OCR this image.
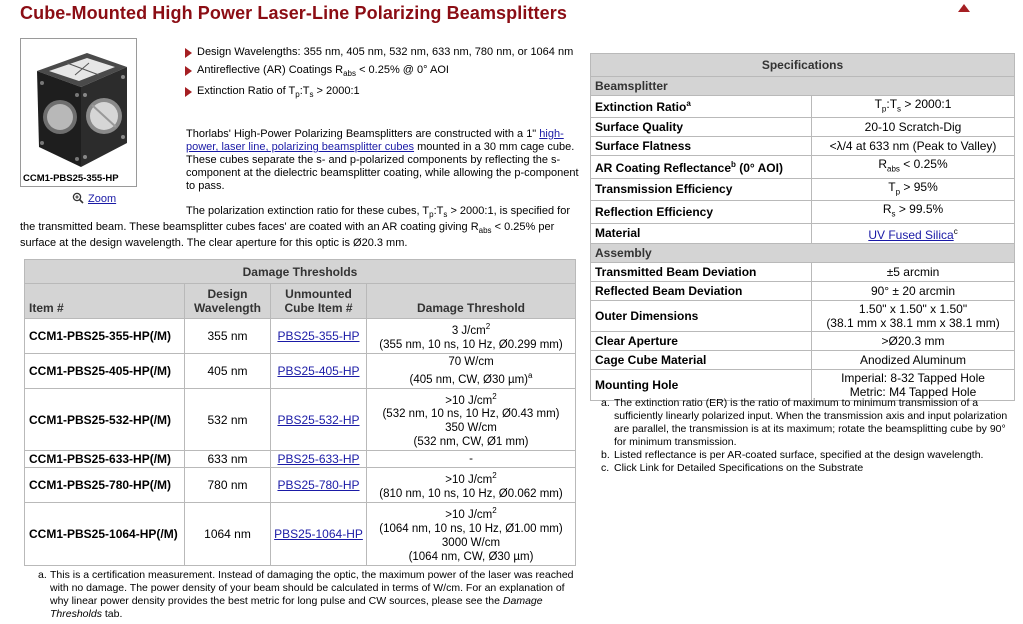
Cube-Mounted High Power Laser-Line Polarizing Beamsplitters
CCM1-PBS25-355-HP
Zoom
Design Wavelengths: 355 nm, 405 nm, 532 nm, 633 nm, 780 nm, or 1064 nm
Antireflective (AR) Coatings $R_{abs} < 0.25\%$ @ 0° AOI
Extinction Ratio of $T_p:T_s$ > 2000:1

Thorlabs' High-Power Polarizing Beamsplitters are constructed with a 1" high-power, laser line, polarizing beamsplitter cubes mounted in a 30 mm cage cube. These cubes separate the s- and p-polarized components by reflecting the s-component at the dielectric beamsplitter coating, while allowing the p-component to pass.

The polarization extinction ratio for these cubes, $T_p:T_s$ > 2000:1, is specified for the transmitted beam. These beamsplitter cubes faces' are coated with an AR coating giving $R_{abs} < 0.25\%$ per surface at the design wavelength. The clear aperture for this optic is Ø20.3 mm.

Damage Thresholds			
Item #	Design Wavelength	Unmounted Cube Item #	Damage Threshold
CCM1-PBS25-355-HP(/M)	355 nm	PBS25-355-HP	3 $J/cm^2$
(355 nm, 10 ns, 10 Hz, Ø0.299 mm)
CCM1-PBS25-405-HP(/M)	405 nm	PBS25-405-HP	70 W/cm
(405 nm, CW, Ø30 µm)$^a$
CCM1-PBS25-532-HP(/M)	532 nm	PBS25-532-HP	>10 $J/cm^2$
(532 nm, 10 ns, 10 Hz, Ø0.43 mm)
350 W/cm
(532 nm, CW, Ø1 mm)
CCM1-PBS25-633-HP(/M)	633 nm	PBS25-633-HP	-
CCM1-PBS25-780-HP(/M)	780 nm	PBS25-780-HP	>10 $J/cm^2$
(810 nm, 10 ns, 10 Hz, Ø0.062 mm)
CCM1-PBS25-1064-HP(/M)	1064 nm	PBS25-1064-HP	>10 $J/cm^2$
(1064 nm, 10 ns, 10 Hz, Ø1.00 mm)
3000 W/cm
(1064 nm, CW, Ø30 µm)
a. This is a certification measurement. Instead of damaging the optic, the maximum power of the laser was reached with no damage. The power density of your beam should be calculated in terms of W/cm. For an explanation of why linear power density provides the best metric for long pulse and CW sources, please see the Damage Thresholds tab.
Specifications	
Beamsplitter	
Extinction Ratio$^a$	$T_p:T_s$ > 2000:1
Surface Quality	20-10 Scratch-Dig
Surface Flatness	<λ/4 at 633 nm (Peak to Valley)
AR Coating Reflectance$^b$ (0° AOI)	$R_{abs} < 0.25\%$
Transmission Efficiency	$T_p > 95\%$
Reflection Efficiency	$R_s > 99.5\%$
Material	UV Fused Silica$^c$
Assembly	
Transmitted Beam Deviation	±5 arcmin
Reflected Beam Deviation	90° ± 20 arcmin
Outer Dimensions	1.50" x 1.50" x 1.50"
(38.1 mm x 38.1 mm x 38.1 mm)
Clear Aperture	>Ø20.3 mm
Cage Cube Material	Anodized Aluminum
Mounting Hole	Imperial: 8-32 Tapped Hole
Metric: M4 Tapped Hole
a. The extinction ratio (ER) is the ratio of maximum to minimum transmission of a sufficiently linearly polarized input. When the transmission axis and input polarization are parallel, the transmission is at its maximum; rotate the beamsplitting cube by 90° for minimum transmission.
b. Listed reflectance is per AR-coated surface, specified at the design wavelength.
c. Click Link for Detailed Specifications on the Substrate
